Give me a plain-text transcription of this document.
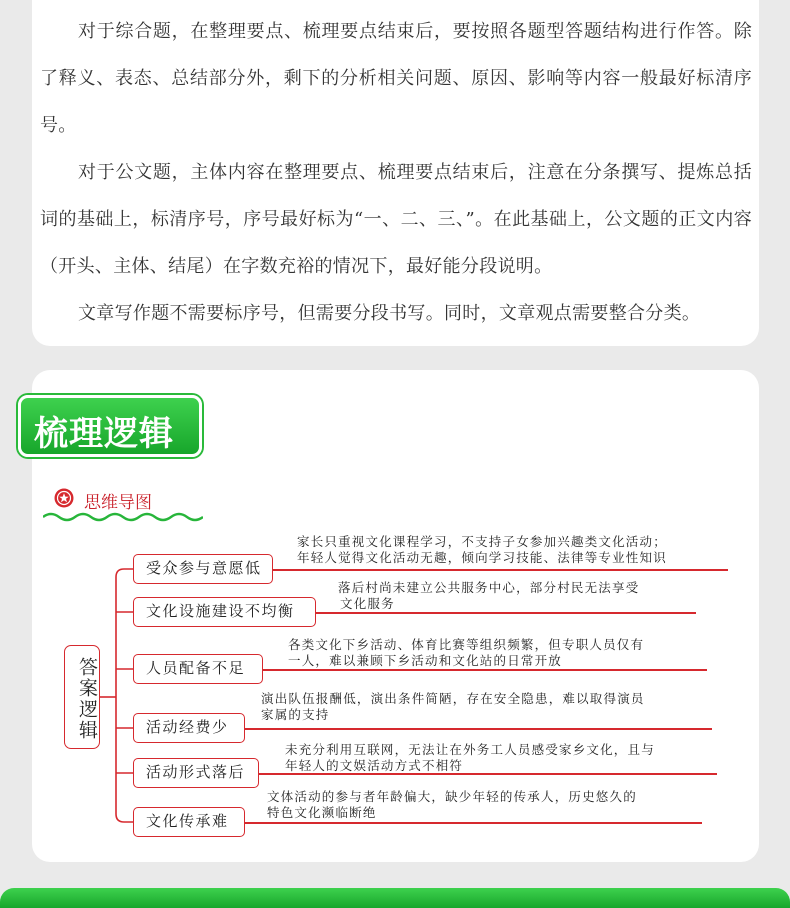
对于综合题，在整理要点、梳理要点结束后，要按照各题型答题结构进行作答。除了释义、表态、总结部分外，剩下的分析相关问题、原因、影响等内容一般最好标清序号。

对于公文题，主体内容在整理要点、梳理要点结束后，注意在分条撰写、提炼总括词的基础上，标清序号，序号最好标为“一、二、三、”。在此基础上，公文题的正文内容（开头、主体、结尾）在字数充裕的情况下，最好能分段说明。

文章写作题不需要标序号，但需要分段书写。同时，文章观点需要整合分类。

梳理逻辑
思维导图
答案逻辑
受众参与意愿低

家长只重视文化课程学习，不支持子女参加兴趣类文化活动；

年轻人觉得文化活动无趣，倾向学习技能、法律等专业性知识

文化设施建设不均衡

落后村尚未建立公共服务中心，部分村民无法享受

文化服务

人员配备不足

各类文化下乡活动、体育比赛等组织频繁，但专职人员仅有

一人，难以兼顾下乡活动和文化站的日常开放

活动经费少

演出队伍报酬低，演出条件简陋，存在安全隐患，难以取得演员

家属的支持

活动形式落后

未充分利用互联网，无法让在外务工人员感受家乡文化，且与

年轻人的文娱活动方式不相符

文化传承难

文体活动的参与者年龄偏大，缺少年轻的传承人，历史悠久的

特色文化濒临断绝
